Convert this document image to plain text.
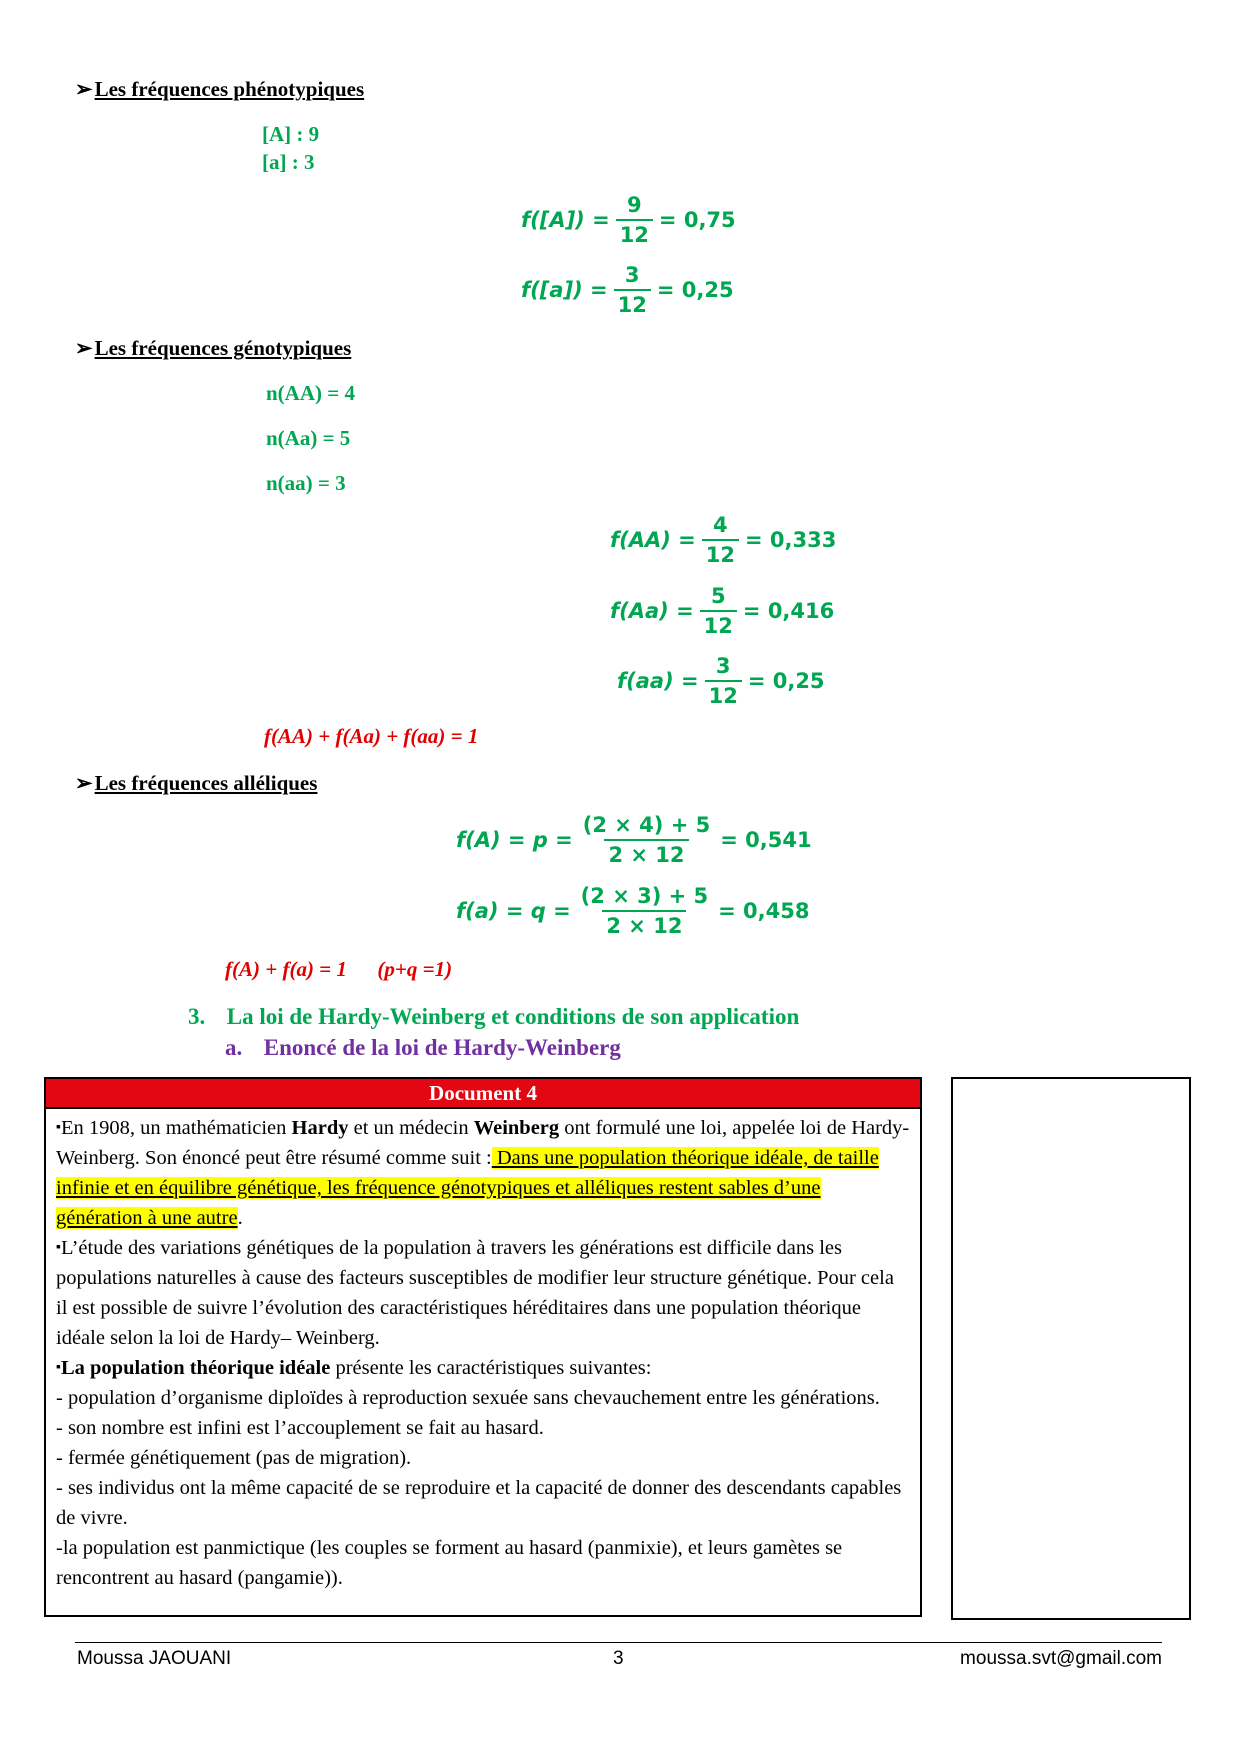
➢Les fréquences phénotypiques
[A] : 9
[a] : 3
$f([A]) = \frac{9}{12} = 0,75$
$f([a]) = \frac{3}{12} = 0,25$
➢Les fréquences génotypiques
n(AA) = 4
n(Aa) = 5
n(aa) = 3
$f(AA) = \frac{4}{12} = 0,333$
$f(Aa) = \frac{5}{12} = 0,416$
$f(aa) = \frac{3}{12} = 0,25$
f(AA) + f(Aa) + f(aa) = 1
➢Les fréquences alléliques
$f(A) = p = \frac{(2 \times 4) + 5}{2 \times 12} = 0,541$
$f(a) = q = \frac{(2 \times 3) + 5}{2 \times 12} = 0,458$
f(A) + f(a) = 1 (p+q =1)
3. La loi de Hardy-Weinberg et conditions de son application
a. Enoncé de la loi de Hardy-Weinberg
Document 4

▪En 1908, un mathématicien Hardy et un médecin Weinberg ont formulé une loi, appelée loi de Hardy-Weinberg. Son énoncé peut être résumé comme suit : Dans une population théorique idéale, de taille infinie et en équilibre génétique, les fréquence génotypiques et alléliques restent sables d’une génération à une autre.

▪L’étude des variations génétiques de la population à travers les générations est difficile dans les populations naturelles à cause des facteurs susceptibles de modifier leur structure génétique. Pour cela il est possible de suivre l’évolution des caractéristiques héréditaires dans une population théorique idéale selon la loi de Hardy– Weinberg.

▪La population théorique idéale présente les caractéristiques suivantes:

- population d’organisme diploïdes à reproduction sexuée sans chevauchement entre les générations.

- son nombre est infini est l’accouplement se fait au hasard.

- fermée génétiquement (pas de migration).

- ses individus ont la même capacité de se reproduire et la capacité de donner des descendants capables de vivre.

-la population est panmictique (les couples se forment au hasard (panmixie), et leurs gamètes se rencontrent au hasard (pangamie)).

Moussa JAOUANI	3	moussa.svt@gmail.com
